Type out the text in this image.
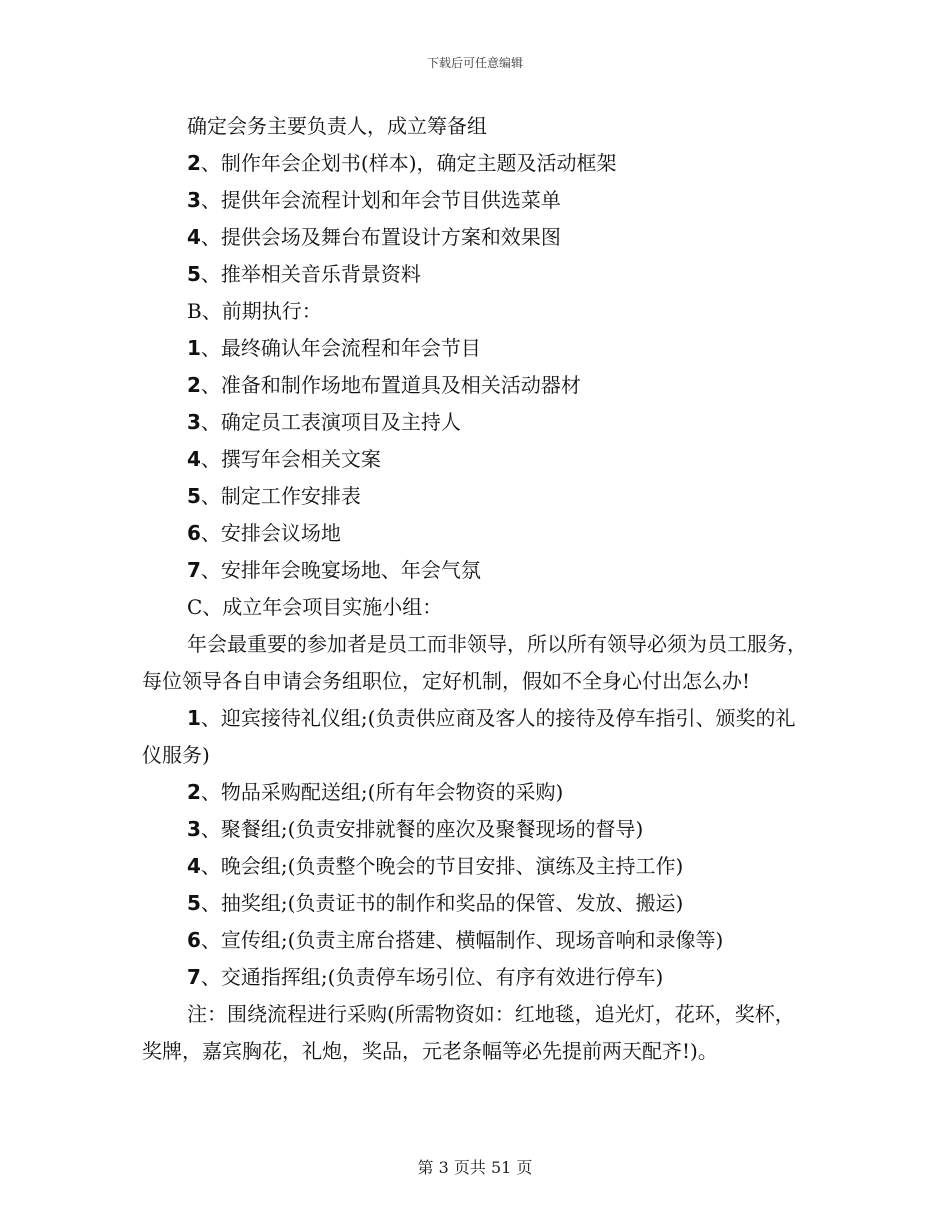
下载后可任意编辑

确定会务主要负责人，成立筹备组

2、制作年会企划书(样本)，确定主题及活动框架

3、提供年会流程计划和年会节目供选菜单

4、提供会场及舞台布置设计方案和效果图

5、推举相关音乐背景资料

B、前期执行：

1、最终确认年会流程和年会节目

2、准备和制作场地布置道具及相关活动器材

3、确定员工表演项目及主持人

4、撰写年会相关文案

5、制定工作安排表

6、安排会议场地

7、安排年会晚宴场地、年会气氛

C、成立年会项目实施小组：

年会最重要的参加者是员工而非领导，所以所有领导必须为员工服务，每位领导各自申请会务组职位，定好机制，假如不全身心付出怎么办!

1、迎宾接待礼仪组;(负责供应商及客人的接待及停车指引、颁奖的礼仪服务)

2、物品采购配送组;(所有年会物资的采购)

3、聚餐组;(负责安排就餐的座次及聚餐现场的督导)

4、晚会组;(负责整个晚会的节目安排、演练及主持工作)

5、抽奖组;(负责证书的制作和奖品的保管、发放、搬运)

6、宣传组;(负责主席台搭建、横幅制作、现场音响和录像等)

7、交通指挥组;(负责停车场引位、有序有效进行停车)

注：围绕流程进行采购(所需物资如：红地毯，追光灯，花环，奖杯，奖牌，嘉宾胸花，礼炮，奖品，元老条幅等必先提前两天配齐!)。

第 3 页共 51 页
